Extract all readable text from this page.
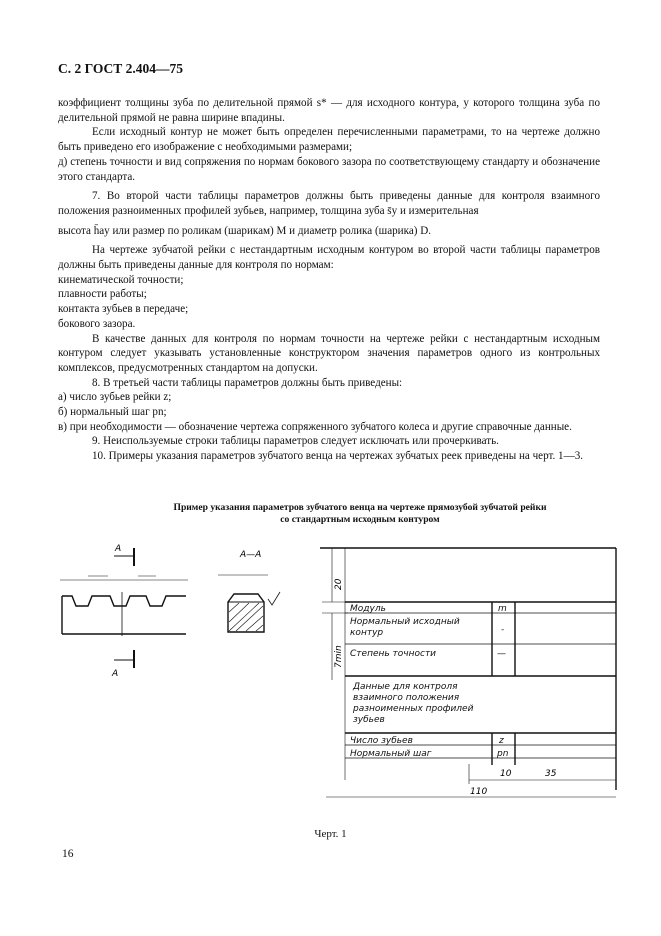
С. 2 ГОСТ 2.404—75

коэффициент толщины зуба по делительной прямой s* — для исходного контура, у которого толщина зуба по делительной прямой не равна ширине впадины.

Если исходный контур не может быть определен перечисленными параметрами, то на чертеже должно быть приведено его изображение с необходимыми размерами;

д) степень точности и вид сопряжения по нормам бокового зазора по соответствующему стандарту и обозначение этого стандарта.

7. Во второй части таблицы параметров должны быть приведены данные для контроля взаимного положения разноименных профилей зубьев, например, толщина зуба s̄y и измерительная

высота h̄ay или размер по роликам (шарикам) M и диаметр ролика (шарика) D.

На чертеже зубчатой рейки с нестандартным исходным контуром во второй части таблицы параметров должны быть приведены данные для контроля по нормам:

кинематической точности;

плавности работы;

контакта зубьев в передаче;

бокового зазора.

В качестве данных для контроля по нормам точности на чертеже рейки с нестандартным исходным контуром следует указывать установленные конструктором значения параметров одного из контрольных комплексов, предусмотренных стандартом на допуски.

8. В третьей части таблицы параметров должны быть приведены:

а) число зубьев рейки z;

б) нормальный шаг pn;

в) при необходимости — обозначение чертежа сопряженного зубчатого колеса и другие справочные данные.

9. Неиспользуемые строки таблицы параметров следует исключать или прочеркивать.

10. Примеры указания параметров зубчатого венца на чертежах зубчатых реек приведены на черт. 1—3.

Пример указания параметров зубчатого венца на чертеже прямозубой зубчатой рейки
со стандартным исходным контуром
А
А
А—А
20
7min
Модуль	m
Нормальный исходный контур	-
Степень точности	—
Данные для контроля взаимного положения разноименных профилей зубьев
Число зубьев	z
Нормальный шаг	pn
10	35
110
Черт. 1
16
